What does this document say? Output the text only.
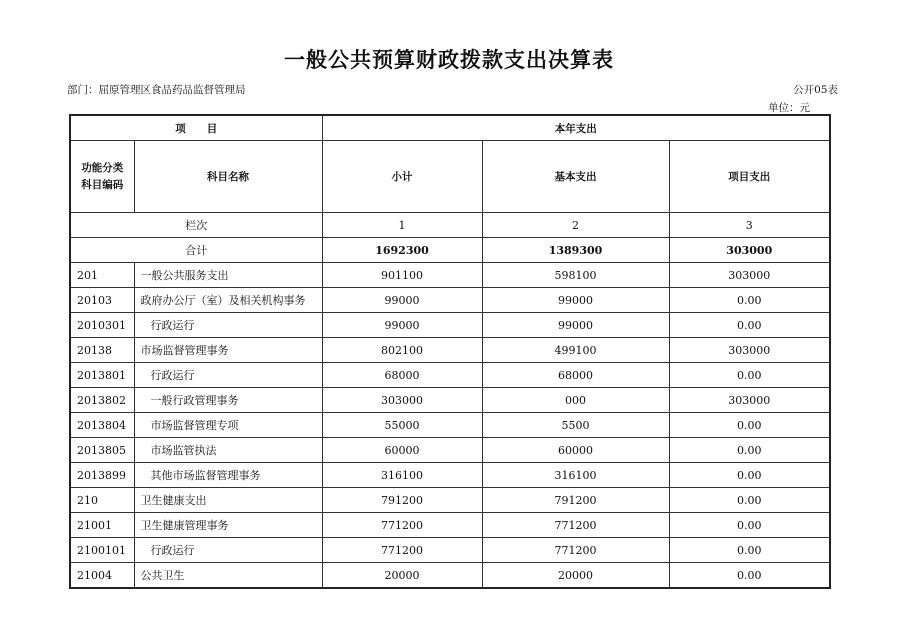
一般公共预算财政拨款支出决算表
部门：屈原管理区食品药品监督管理局	公开05表
单位：元
项　　目		本年支出		
功能分类科目编码	科目名称	小计	基本支出	项目支出
栏次		1	2	3
合计		1692300	1389300	303000
201	一般公共服务支出	901100	598100	303000
20103	政府办公厅（室）及相关机构事务	99000	99000	0.00
2010301	行政运行	99000	99000	0.00
20138	市场监督管理事务	802100	499100	303000
2013801	行政运行	68000	68000	0.00
2013802	一般行政管理事务	303000	000	303000
2013804	市场监督管理专项	55000	5500	0.00
2013805	市场监管执法	60000	60000	0.00
2013899	其他市场监督管理事务	316100	316100	0.00
210	卫生健康支出	791200	791200	0.00
21001	卫生健康管理事务	771200	771200	0.00
2100101	行政运行	771200	771200	0.00
21004	公共卫生	20000	20000	0.00
